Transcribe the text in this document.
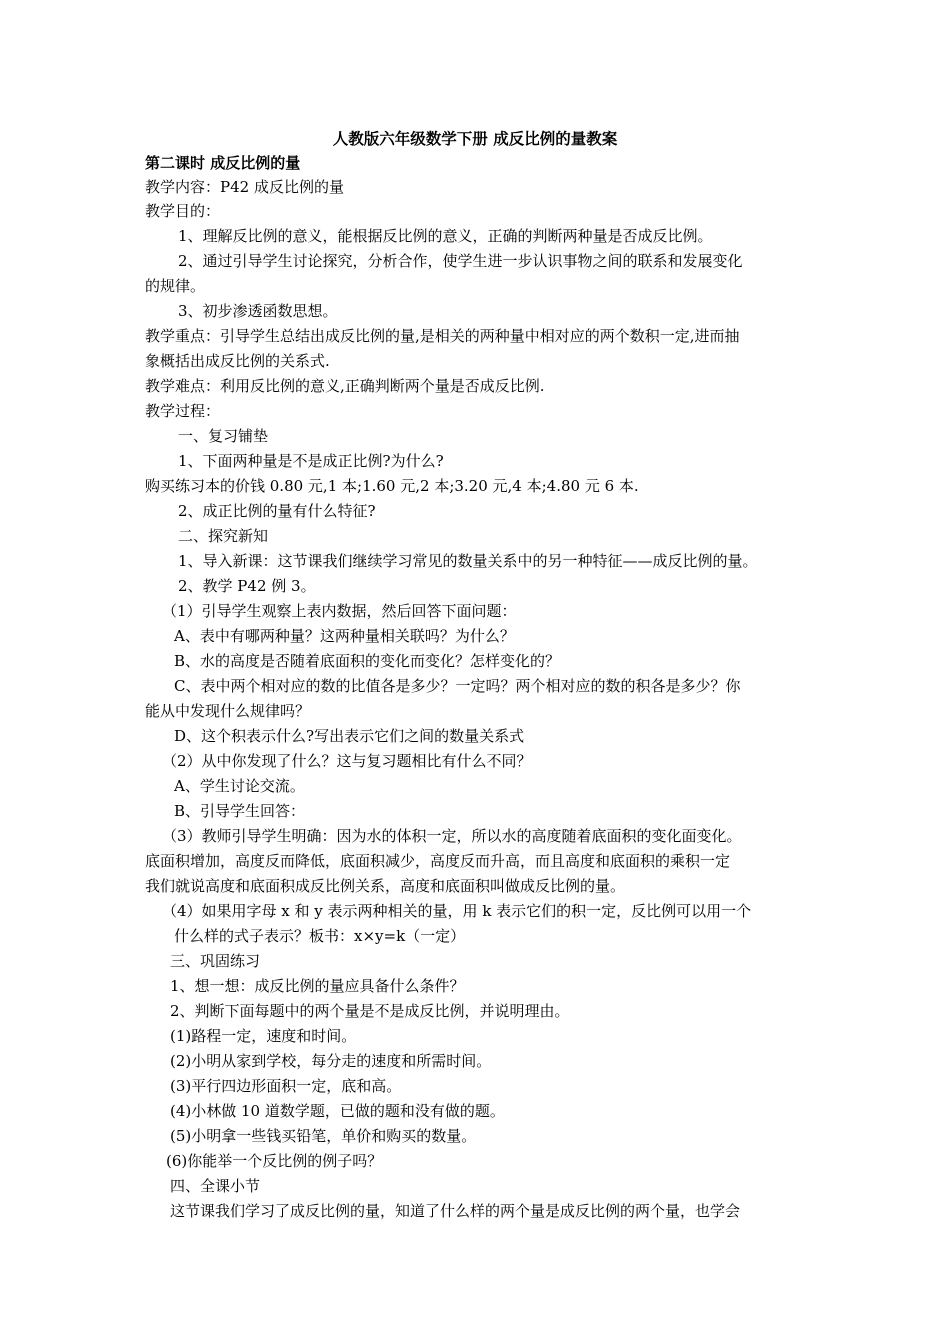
人教版六年级数学下册 成反比例的量教案
第二课时 成反比例的量
教学内容：P42 成反比例的量
教学目的：
1、理解反比例的意义，能根据反比例的意义，正确的判断两种量是否成反比例。
2、通过引导学生讨论探究，分析合作，使学生进一步认识事物之间的联系和发展变化
的规律。
3、初步渗透函数思想。
教学重点：引导学生总结出成反比例的量,是相关的两种量中相对应的两个数积一定,进而抽
象概括出成反比例的关系式.
教学难点：利用反比例的意义,正确判断两个量是否成反比例.
教学过程：
一、复习铺垫
1、下面两种量是不是成正比例?为什么?
购买练习本的价钱 0.80 元,1 本;1.60 元,2 本;3.20 元,4 本;4.80 元 6 本.
2、成正比例的量有什么特征?
二、探究新知
1、导入新课：这节课我们继续学习常见的数量关系中的另一种特征——成反比例的量。
2、教学 P42 例 3。
（1）引导学生观察上表内数据，然后回答下面问题：
A、表中有哪两种量？这两种量相关联吗？为什么？
B、水的高度是否随着底面积的变化而变化？怎样变化的？
C、表中两个相对应的数的比值各是多少？一定吗？两个相对应的数的积各是多少？你
能从中发现什么规律吗？
D、这个积表示什么?写出表示它们之间的数量关系式
（2）从中你发现了什么？这与复习题相比有什么不同？
A、学生讨论交流。
B、引导学生回答：
（3）教师引导学生明确：因为水的体积一定，所以水的高度随着底面积的变化面变化。
底面积增加，高度反而降低，底面积减少，高度反而升高，而且高度和底面积的乘积一定
我们就说高度和底面积成反比例关系，高度和底面积叫做成反比例的量。
（4）如果用字母 x 和 y 表示两种相关的量，用 k 表示它们的积一定，反比例可以用一个
什么样的式子表示？板书：x×y=k（一定）
三、巩固练习
1、想一想：成反比例的量应具备什么条件？
2、判断下面每题中的两个量是不是成反比例，并说明理由。
(1)路程一定，速度和时间。
(2)小明从家到学校，每分走的速度和所需时间。
(3)平行四边形面积一定，底和高。
(4)小林做 10 道数学题，已做的题和没有做的题。
(5)小明拿一些钱买铅笔，单价和购买的数量。
(6)你能举一个反比例的例子吗？
四、全课小节
这节课我们学习了成反比例的量，知道了什么样的两个量是成反比例的两个量，也学会
